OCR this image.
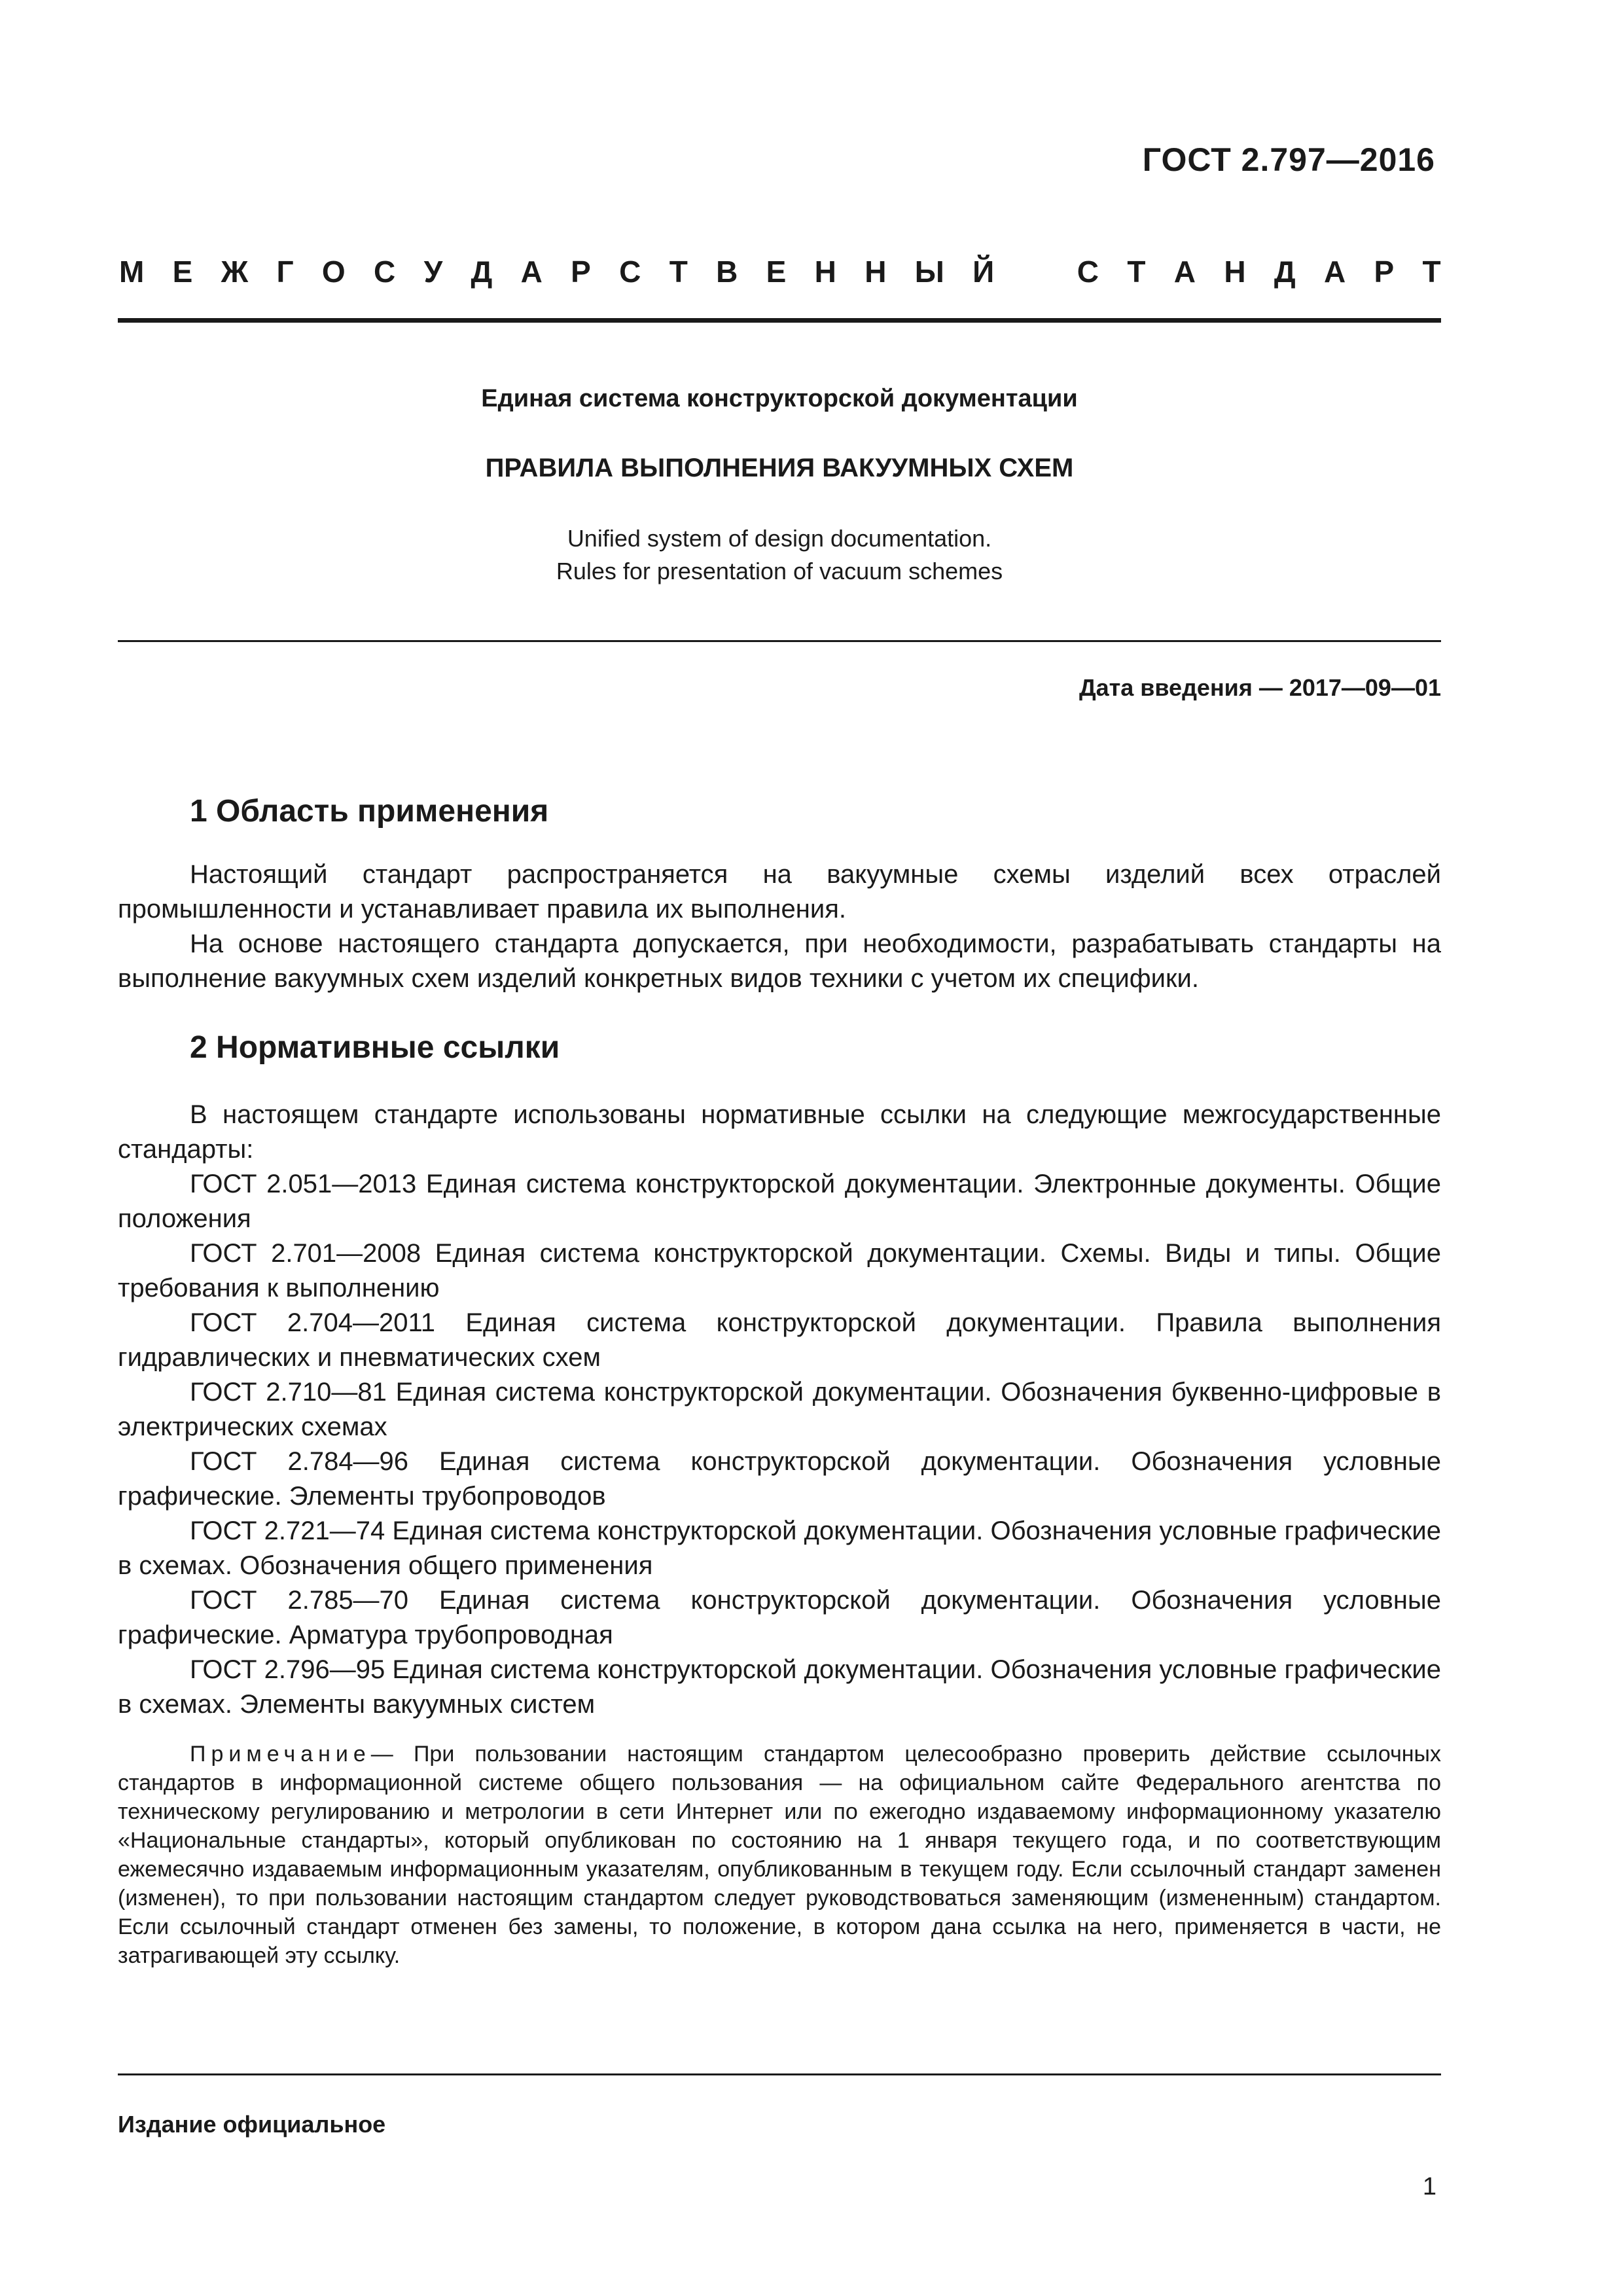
ГОСТ 2.797—2016
М Е Ж Г О С У Д А Р С Т В Е Н Н Ы Й	С Т А Н Д А Р Т
Единая система конструкторской документации
ПРАВИЛА ВЫПОЛНЕНИЯ ВАКУУМНЫХ СХЕМ
Unified system of design documentation.
Rules for presentation of vacuum schemes
Дата введения — 2017—09—01
1 Область применения

Настоящий стандарт распространяется на вакуумные схемы изделий всех отраслей промышленности и устанавливает правила их выполнения.

На основе настоящего стандарта допускается, при необходимости, разрабатывать стандарты на выполнение вакуумных схем изделий конкретных видов техники с учетом их специфики.

2 Нормативные ссылки

В настоящем стандарте использованы нормативные ссылки на следующие межгосударственные стандарты:

ГОСТ 2.051—2013 Единая система конструкторской документации. Электронные документы. Общие положения

ГОСТ 2.701—2008 Единая система конструкторской документации. Схемы. Виды и типы. Общие требования к выполнению

ГОСТ 2.704—2011 Единая система конструкторской документации. Правила выполнения гидравлических и пневматических схем

ГОСТ 2.710—81 Единая система конструкторской документации. Обозначения буквенно-цифровые в электрических схемах

ГОСТ 2.784—96 Единая система конструкторской документации. Обозначения условные графические. Элементы трубопроводов

ГОСТ 2.721—74 Единая система конструкторской документации. Обозначения условные графические в схемах. Обозначения общего применения

ГОСТ 2.785—70 Единая система конструкторской документации. Обозначения условные графические. Арматура трубопроводная

ГОСТ 2.796—95 Единая система конструкторской документации. Обозначения условные графические в схемах. Элементы вакуумных систем

Примечание— При пользовании настоящим стандартом целесообразно проверить действие ссылочных стандартов в информационной системе общего пользования — на официальном сайте Федерального агентства по техническому регулированию и метрологии в сети Интернет или по ежегодно издаваемому информационному указателю «Национальные стандарты», который опубликован по состоянию на 1 января текущего года, и по соответствующим ежемесячно издаваемым информационным указателям, опубликованным в текущем году. Если ссылочный стандарт заменен (изменен), то при пользовании настоящим стандартом следует руководствоваться заменяющим (измененным) стандартом. Если ссылочный стандарт отменен без замены, то положение, в котором дана ссылка на него, применяется в части, не затрагивающей эту ссылку.
Издание официальное
1
